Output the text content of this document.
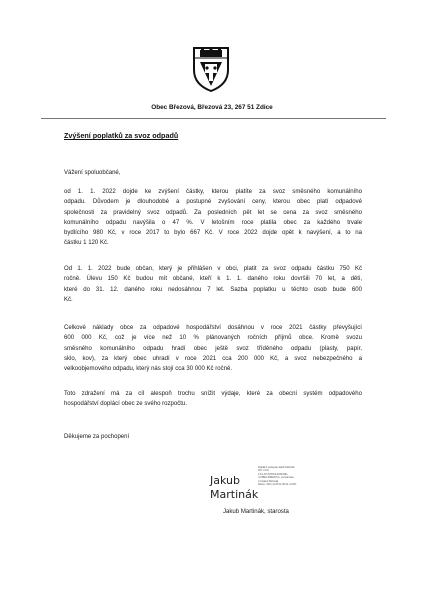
Obec Březová, Březová 23, 267 51 Zdice
Zvýšení poplatků za svoz odpadů
Vážení spoluobčané,
od 1. 1. 2022 dojde ke zvýšení částky, kterou platíte za svoz směsného komunálního
odpadu. Důvodem je dlouhodobé a postupné zvyšování ceny, kterou obec platí odpadové
společnosti za pravidelný svoz odpadů. Za posledních pět let se cena za svoz směsného
komunálního odpadu navýšila o 47 %. V letošním roce platila obec za každého trvale
bydlícího 980 Kč, v roce 2017 to bylo 667 Kč. V roce 2022 dojde opět k navýšení, a to na
částku 1 120 Kč.
Od 1. 1. 2022 bude občan, který je přihlášen v obci, platit za svoz odpadu částku 750 Kč
ročně. Úlevu 150 Kč budou mít občané, kteří k 1. 1. daného roku dovršili 70 let, a děti,
které do 31. 12. daného roku nedosáhnou 7 let. Sazba poplatku u těchto osob bude 600
Kč.
Celkové náklady obce za odpadové hospodářství dosáhnou v roce 2021 částky převyšující
600 000 Kč, což je více než 10 % plánovaných ročních příjmů obce. Kromě svozu
směsného komunálního odpadu hradí obec ještě svoz tříděného odpadu (plasty, papír,
sklo, kov), za který obec uhradí v roce 2021 cca 200 000 Kč, a svoz nebezpečného a
velkoobjemového odpadu, který nás stojí cca 30 000 Kč ročně.
Toto zdražení má za cíl alespoň trochu snížit výdaje, které za obecní systém odpadového
hospodářství doplácí obec ze svého rozpočtu.
Děkujeme za pochopení
Jakub
Martinák
Digitálně podepsal Jakub Martinák
DN: c=CZ,
2.5.4.97=NTRCZ-00233391,
o=OBEC BŘEZOVÁ, ou=starosta,
cn=Jakub Martinák
Datum: 2021.12.08 11:05:22 +01'00'
Jakub Martinák, starosta
